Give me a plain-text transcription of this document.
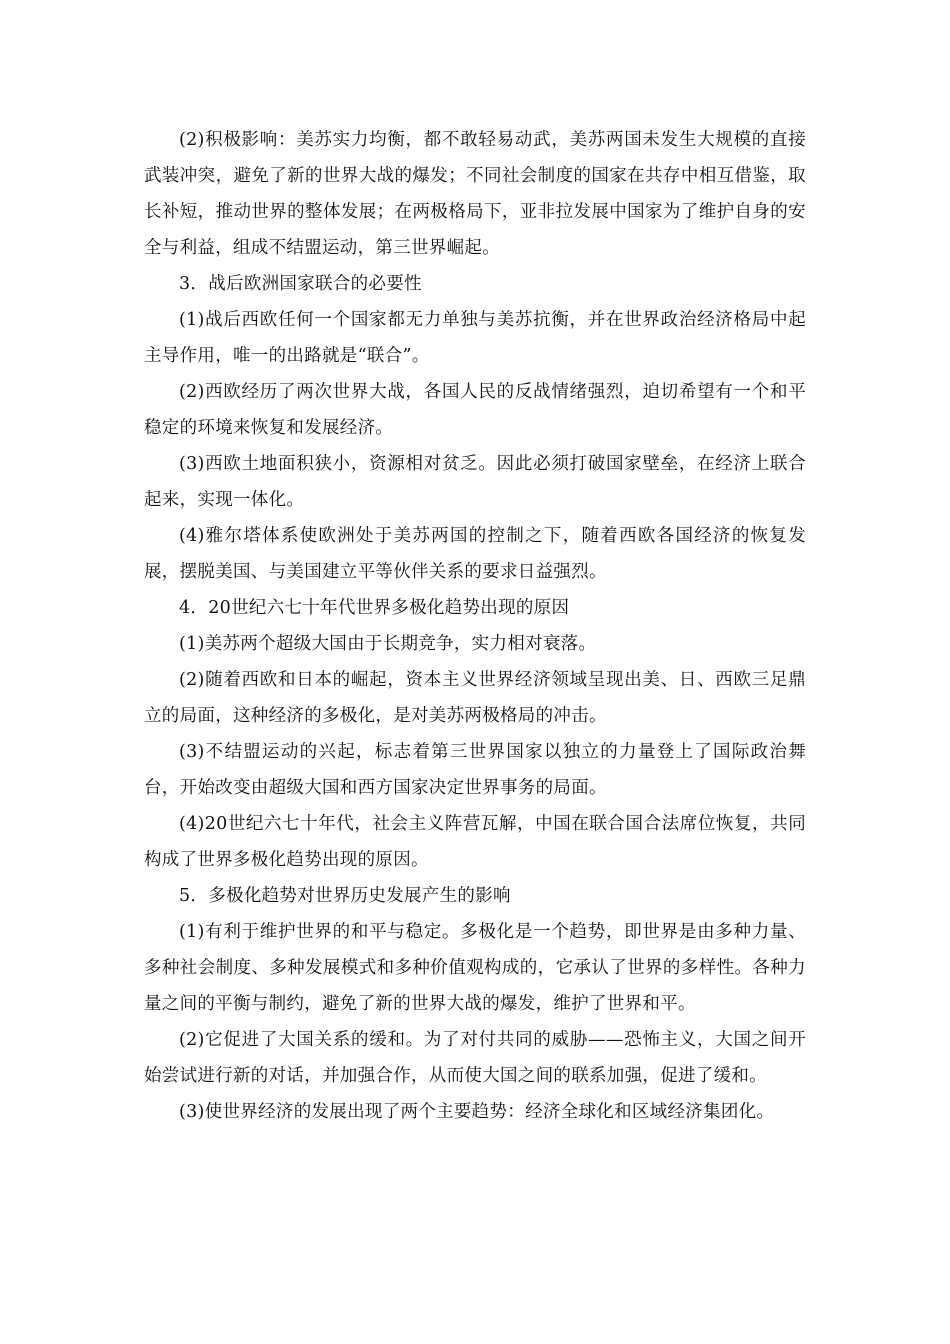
(2)积极影响：美苏实力均衡，都不敢轻易动武，美苏两国未发生大规模的直接武装冲突，避免了新的世界大战的爆发；不同社会制度的国家在共存中相互借鉴，取长补短，推动世界的整体发展；在两极格局下，亚非拉发展中国家为了维护自身的安全与利益，组成不结盟运动，第三世界崛起。

3．战后欧洲国家联合的必要性

(1)战后西欧任何一个国家都无力单独与美苏抗衡，并在世界政治经济格局中起主导作用，唯一的出路就是“联合”。

(2)西欧经历了两次世界大战，各国人民的反战情绪强烈，迫切希望有一个和平稳定的环境来恢复和发展经济。

(3)西欧土地面积狭小，资源相对贫乏。因此必须打破国家壁垒，在经济上联合起来，实现一体化。

(4)雅尔塔体系使欧洲处于美苏两国的控制之下，随着西欧各国经济的恢复发展，摆脱美国、与美国建立平等伙伴关系的要求日益强烈。

4．20世纪六七十年代世界多极化趋势出现的原因

(1)美苏两个超级大国由于长期竞争，实力相对衰落。

(2)随着西欧和日本的崛起，资本主义世界经济领域呈现出美、日、西欧三足鼎立的局面，这种经济的多极化，是对美苏两极格局的冲击。

(3)不结盟运动的兴起，标志着第三世界国家以独立的力量登上了国际政治舞台，开始改变由超级大国和西方国家决定世界事务的局面。

(4)20世纪六七十年代，社会主义阵营瓦解，中国在联合国合法席位恢复，共同构成了世界多极化趋势出现的原因。

5．多极化趋势对世界历史发展产生的影响

(1)有利于维护世界的和平与稳定。多极化是一个趋势，即世界是由多种力量、多种社会制度、多种发展模式和多种价值观构成的，它承认了世界的多样性。各种力量之间的平衡与制约，避免了新的世界大战的爆发，维护了世界和平。

(2)它促进了大国关系的缓和。为了对付共同的威胁——恐怖主义，大国之间开始尝试进行新的对话，并加强合作，从而使大国之间的联系加强，促进了缓和。

(3)使世界经济的发展出现了两个主要趋势：经济全球化和区域经济集团化。
